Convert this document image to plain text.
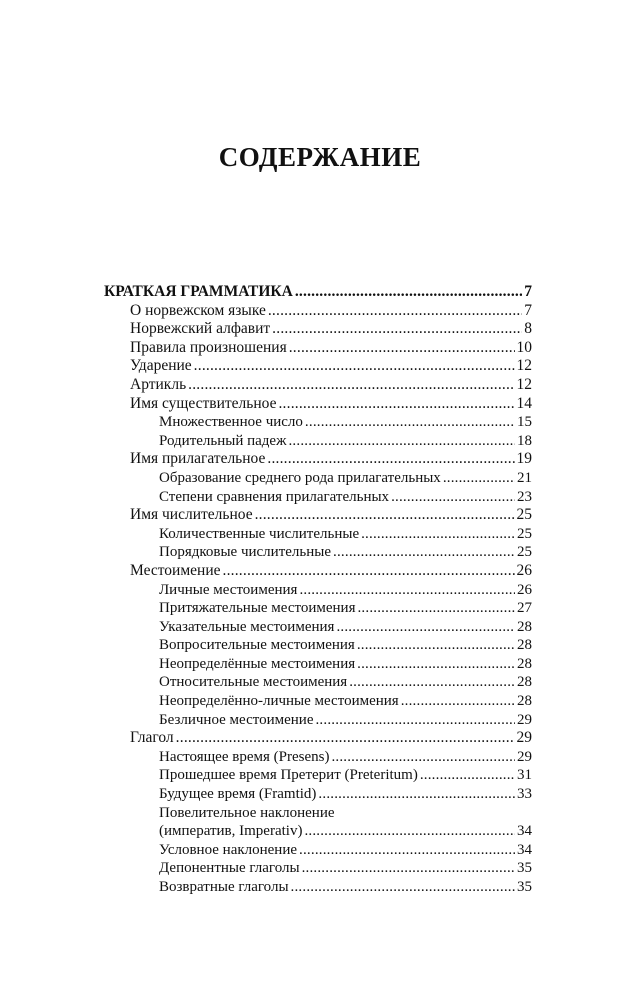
СОДЕРЖАНИЕ
КРАТКАЯ ГРАММАТИКА .....	7
О норвежском языке .....	7
Норвежский алфавит .....	8
Правила произношения .....	10
Ударение .....	12
Артикль .....	12
Имя существительное .....	14
Множественное число .....	15
Родительный падеж .....	18
Имя прилагательное .....	19
Образование среднего рода прилагательных .....	21
Степени сравнения прилагательных .....	23
Имя числительное .....	25
Количественные числительные .....	25
Порядковые числительные .....	25
Местоимение .....	26
Личные местоимения .....	26
Притяжательные местоимения .....	27
Указательные местоимения .....	28
Вопросительные местоимения .....	28
Неопределённые местоимения .....	28
Относительные местоимения .....	28
Неопределённо-личные местоимения .....	28
Безличное местоимение .....	29
Глагол .....	29
Настоящее время (Presens) .....	29
Прошедшее время Претерит (Preteritum) .....	31
Будущее время (Framtid) .....	33
Повелительное наклонение
(императив, Imperativ) .....	34
Условное наклонение .....	34
Депонентные глаголы .....	35
Возвратные глаголы .....	35
